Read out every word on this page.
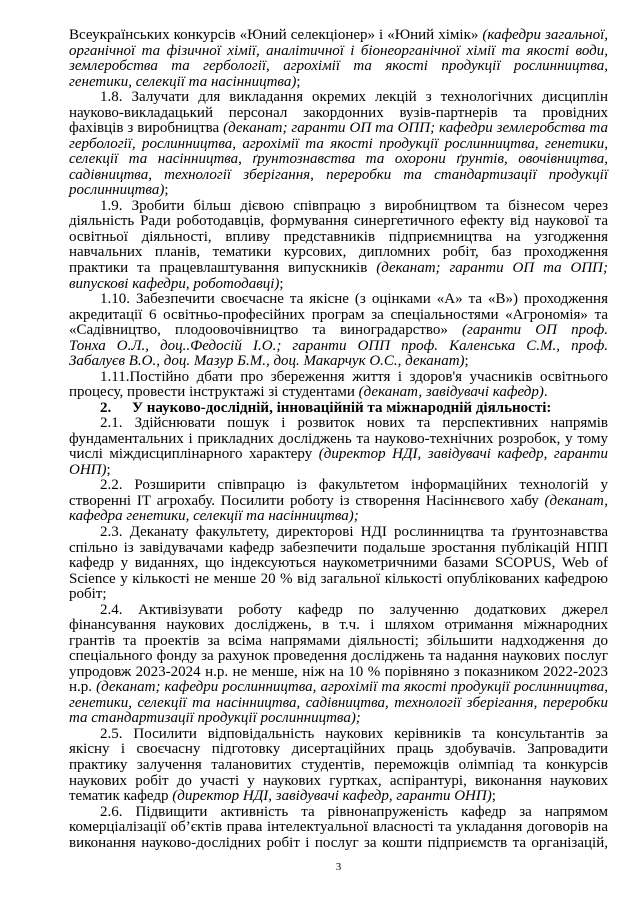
Всеукраїнських конкурсів «Юний селекціонер» і «Юний хімік» (кафедри загальної,
органічної та фізичної хімії, аналітичної і біонеорганічної хімії та якості води,
землеробства та гербології, агрохімії та якості продукції рослинництва,
генетики, селекції та насінництва);
1.8. Залучати для викладання окремих лекцій з технологічних дисциплін
науково-викладацький персонал закордонних вузів-партнерів та провідних
фахівців з виробництва (деканат; гаранти ОП та ОПП; кафедри землеробства та
гербології, рослинництва, агрохімії та якості продукції рослинництва, генетики,
селекції та насінництва, ґрунтознавства та охорони ґрунтів, овочівництва,
садівництва, технології зберігання, переробки та стандартизації продукції
рослинництва);
1.9. Зробити більш дієвою співпрацю з виробництвом та бізнесом через
діяльність Ради роботодавців, формування синергетичного ефекту від наукової та
освітньої діяльності, впливу представників підприємництва на узгодження
навчальних планів, тематики курсових, дипломних робіт, баз проходження
практики та працевлаштування випускників (деканат; гаранти ОП та ОПП;
випускові кафедри, роботодавці);
1.10. Забезпечити своєчасне та якісне (з оцінками «А» та «В») проходження
акредитації 6 освітньо-професійних програм за спеціальностями «Агрономія» та
«Садівництво, плодоовочівництво та виноградарство» (гаранти ОП проф.
Тонха О.Л., доц..Федосій І.О.; гаранти ОПП проф. Каленська С.М., проф.
Забалуєв В.О., доц. Мазур Б.М., доц. Макарчук О.С., деканат);
1.11.Постійно дбати про збереження життя і здоров'я учасників освітнього
процесу, провести інструктажі зі студентами (деканат, завідувачі кафедр).
2. У науково-дослідній, інноваційній та міжнародній діяльності:
2.1. Здійснювати пошук і розвиток нових та перспективних напрямів
фундаментальних і прикладних досліджень та науково-технічних розробок, у тому
числі міждисциплінарного характеру (директор НДІ, завідувачі кафедр, гаранти
ОНП);
2.2. Розширити співпрацю із факультетом інформаційних технологій у
створенні ІТ агрохабу. Посилити роботу із створення Насіннєвого хабу (деканат,
кафедра генетики, селекції та насінництва);
2.3. Деканату факультету, директорові НДІ рослинництва та ґрунтознавства
спільно із завідувачами кафедр забезпечити подальше зростання публікацій НПП
кафедр у виданнях, що індексуються наукометричними базами SCOPUS, Web of
Science у кількості не менше 20 % від загальної кількості опублікованих кафедрою
робіт;
2.4. Активізувати роботу кафедр по залученню додаткових джерел
фінансування наукових досліджень, в т.ч. і шляхом отримання міжнародних
грантів та проектів за всіма напрямами діяльності; збільшити надходження до
спеціального фонду за рахунок проведення досліджень та надання наукових послуг
упродовж 2023-2024 н.р. не менше, ніж на 10 % порівняно з показником 2022-2023
н.р. (деканат; кафедри рослинництва, агрохімії та якості продукції рослинництва,
генетики, селекції та насінництва, садівництва, технології зберігання, переробки
та стандартизації продукції рослинництва);
2.5. Посилити відповідальність наукових керівників та консультантів за
якісну і своєчасну підготовку дисертаційних праць здобувачів. Запровадити
практику залучення талановитих студентів, переможців олімпіад та конкурсів
наукових робіт до участі у наукових гуртках, аспірантурі, виконання наукових
тематик кафедр (директор НДІ, завідувачі кафедр, гаранти ОНП);
2.6. Підвищити активність та рівнонапруженість кафедр за напрямом
комерціалізації об’єктів права інтелектуальної власності та укладання договорів на
виконання науково-дослідних робіт і послуг за кошти підприємств та організацій,
3
